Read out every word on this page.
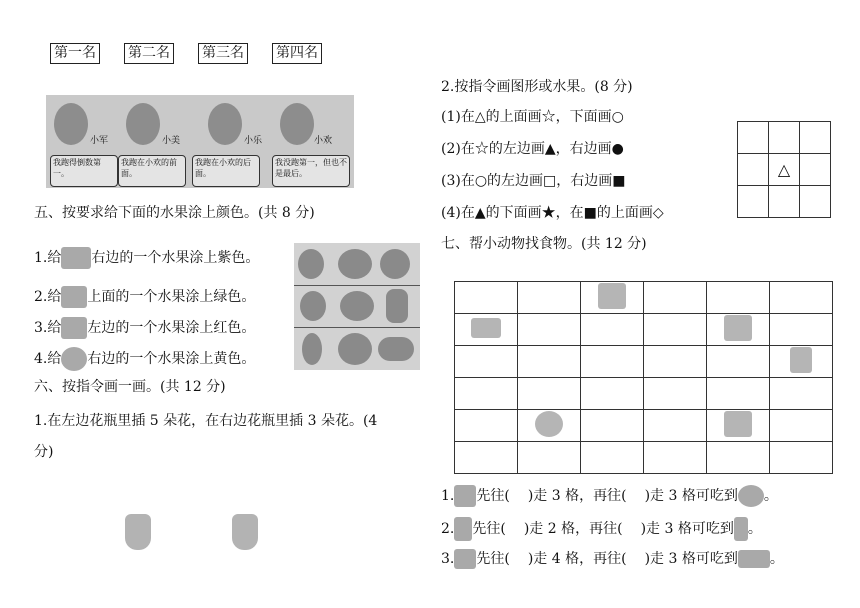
第一名 第二名 第三名 第四名
小军
我跑得倒数第一。
小美
我跑在小欢的前面。
小乐
我跑在小欢的后面。
小欢
我没跑第一，但也不是最后。
五、按要求给下面的水果涂上颜色。(共 8 分)
1.给 右边的一个水果涂上紫色。
2.给 上面的一个水果涂上绿色。
3.给 左边的一个水果涂上红色。
4.给 右边的一个水果涂上黄色。
六、按指令画一画。(共 12 分)
1.在左边花瓶里插 5 朵花，在右边花瓶里插 3 朵花。(4
分)
2.按指令画图形或水果。(8 分)
(1)在△的上面画☆，下面画○
(2)在☆的左边画▲，右边画●
(3)在○的左边画□，右边画■
(4)在▲的下面画★，在■的上面画◇

	△	

七、帮小动物找食物。(共 12 分)

1. 先往( )走 3 格，再往( )走 3 格可吃到 。
2. 先往( )走 2 格，再往( )走 3 格可吃到 。
3. 先往( )走 4 格，再往( )走 3 格可吃到 。
